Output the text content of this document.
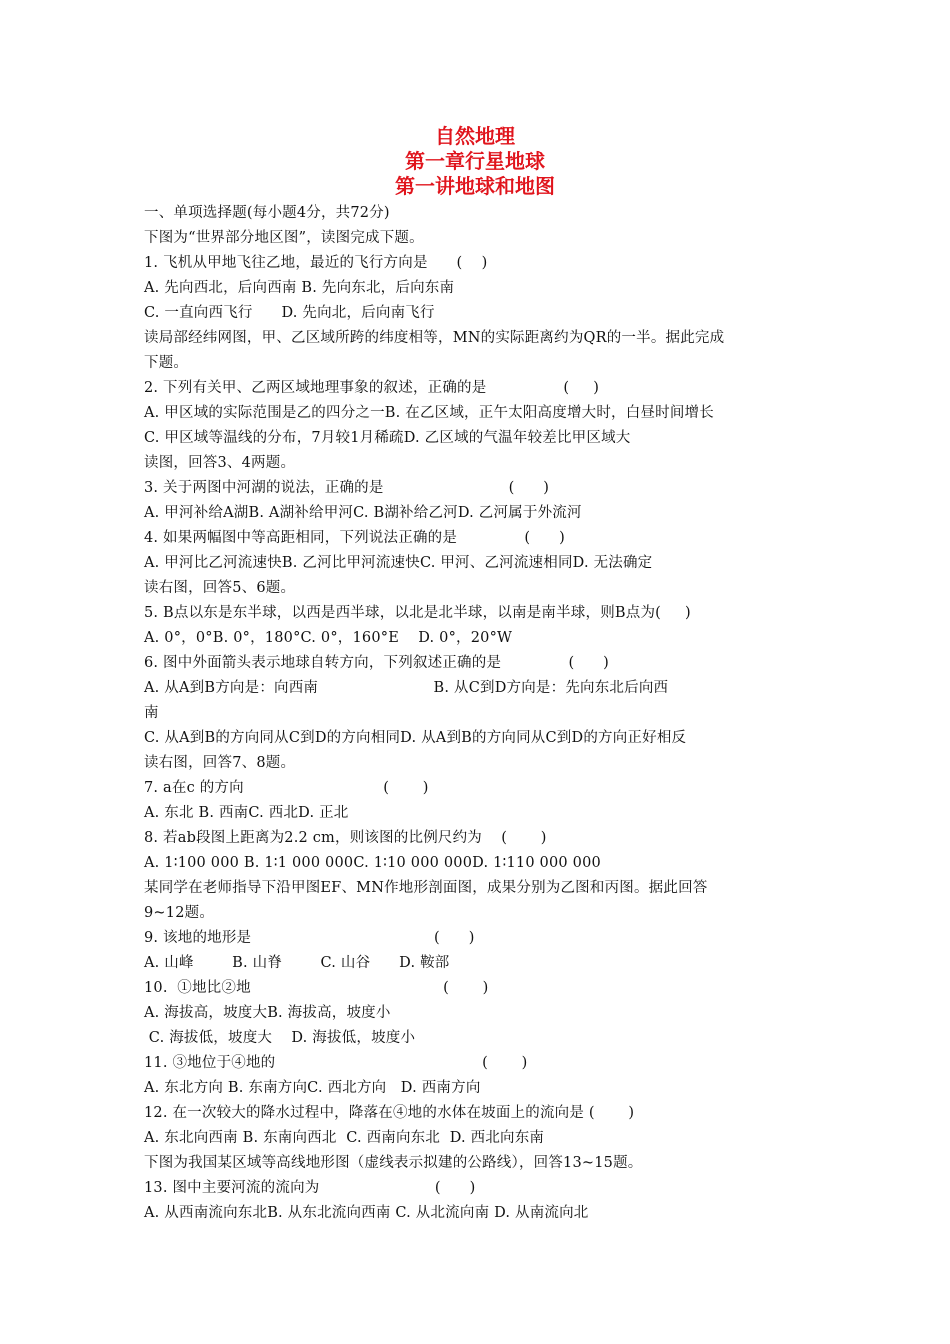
自然地理
第一章行星地球
第一讲地球和地图
一、单项选择题(每小题4分，共72分)
下图为“世界部分地区图”，读图完成下题。
1. 飞机从甲地飞往乙地，最近的飞行方向是      (    )
A. 先向西北，后向西南 B. 先向东北，后向东南
C. 一直向西飞行      D. 先向北，后向南飞行
读局部经纬网图，甲、乙区域所跨的纬度相等，MN的实际距离约为QR的一半。据此完成
下题。
2. 下列有关甲、乙两区域地理事象的叙述，正确的是                (     )
A. 甲区域的实际范围是乙的四分之一B. 在乙区域，正午太阳高度增大时，白昼时间增长
C. 甲区域等温线的分布，7月较1月稀疏D. 乙区域的气温年较差比甲区域大
读图，回答3、4两题。
3. 关于两图中河湖的说法，正确的是                          (      )
A. 甲河补给A湖B. A湖补给甲河C. B湖补给乙河D. 乙河属于外流河
4. 如果两幅图中等高距相同，下列说法正确的是              (      )
A. 甲河比乙河流速快B. 乙河比甲河流速快C. 甲河、乙河流速相同D. 无法确定
读右图，回答5、6题。
5. B点以东是东半球，以西是西半球，以北是北半球，以南是南半球，则B点为(     )
A. 0°，0°B. 0°，180°C. 0°，160°E    D. 0°，20°W
6. 图中外面箭头表示地球自转方向，下列叙述正确的是              (      )
A. 从A到B方向是：向西南                        B. 从C到D方向是：先向东北后向西
南
C. 从A到B的方向同从C到D的方向相同D. 从A到B的方向同从C到D的方向正好相反
读右图，回答7、8题。
7. a在c 的方向                             (       )
A. 东北 B. 西南C. 西北D. 正北
8. 若ab段图上距离为2.2 cm，则该图的比例尺约为    (       )
A. 1∶100 000 B. 1∶1 000 000C. 1∶10 000 000D. 1∶110 000 000
某同学在老师指导下沿甲图EF、MN作地形剖面图，成果分别为乙图和丙图。据此回答
9~12题。
9. 该地的地形是                                      (      )
A. 山峰        B. 山脊        C. 山谷      D. 鞍部
10.  ①地比②地                                        (       )
A. 海拔高，坡度大B. 海拔高，坡度小
C. 海拔低，坡度大    D. 海拔低，坡度小
11. ③地位于④地的                                           (       )
A. 东北方向 B. 东南方向C. 西北方向   D. 西南方向
12. 在一次较大的降水过程中，降落在④地的水体在坡面上的流向是 (       )
A. 东北向西南 B. 东南向西北  C. 西南向东北  D. 西北向东南
下图为我国某区域等高线地形图（虚线表示拟建的公路线），回答13~15题。
13. 图中主要河流的流向为                        (      )
A. 从西南流向东北B. 从东北流向西南 C. 从北流向南 D. 从南流向北
